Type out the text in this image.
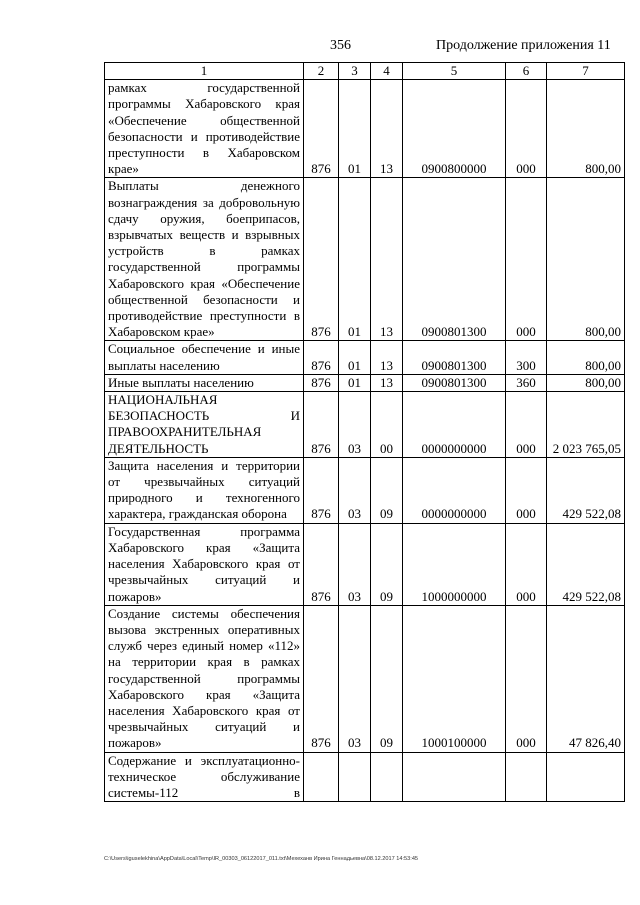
356	Продолжение приложения 11
1	2	3	4	5	6	7
рамках государственной программы Хабаровского края «Обеспечение общественной безопасности и противодействие преступности в Хабаровском крае»	876	01	13	0900800000	000	800,00
Выплаты денежного вознаграждения за добровольную сдачу оружия, боеприпасов, взрывчатых веществ и взрывных устройств в рамках государственной программы Хабаровского края «Обеспечение общественной безопасности и противодействие преступности в Хабаровском крае»	876	01	13	0900801300	000	800,00
Социальное обеспечение и иные выплаты населению	876	01	13	0900801300	300	800,00
Иные выплаты населению	876	01	13	0900801300	360	800,00
НАЦИОНАЛЬНАЯ БЕЗОПАСНОСТЬ И ПРАВООХРАНИТЕЛЬНАЯ ДЕЯТЕЛЬНОСТЬ	876	03	00	0000000000	000	2 023 765,05
Защита населения и территории от чрезвычайных ситуаций природного и техногенного характера, гражданская оборона	876	03	09	0000000000	000	429 522,08
Государственная программа Хабаровского края «Защита населения Хабаровского края от чрезвычайных ситуаций и пожаров»	876	03	09	1000000000	000	429 522,08
Создание системы обеспечения вызова экстренных оперативных служб через единый номер «112» на территории края в рамках государственной программы Хабаровского края «Защита населения Хабаровского края от чрезвычайных ситуаций и пожаров»	876	03	09	1000100000	000	47 826,40
Содержание и эксплуатационно-техническое обслуживание системы-112 в						
C:\Users\iguselekhina\AppData\Local\Temp\IR_00303_06122017_011.txt\Мехеханв Ирина Геннадьевна\08.12.2017 14:53:45
